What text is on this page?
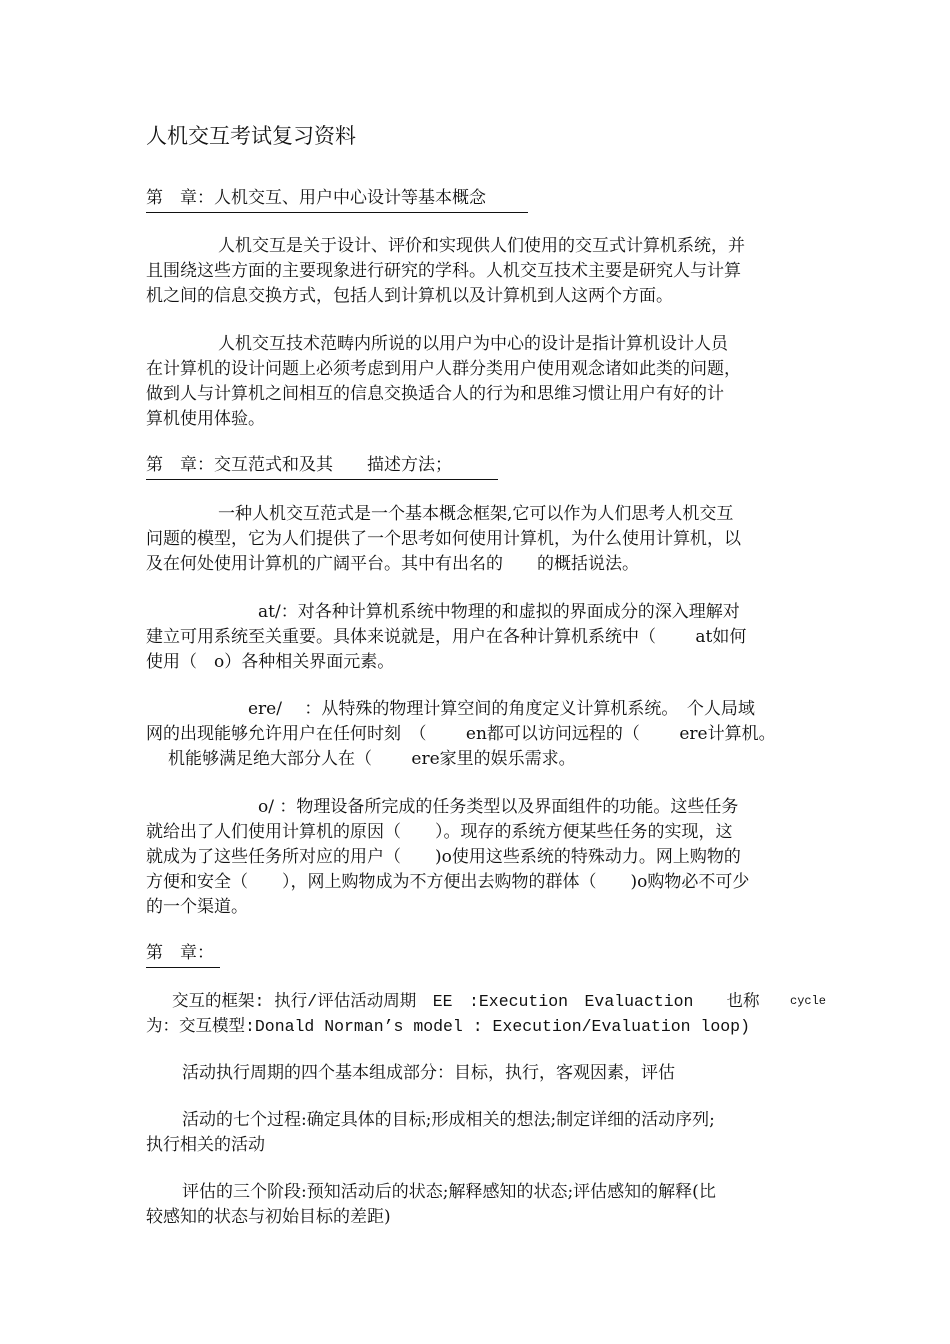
人机交互考试复习资料
第　章：人机交互、用户中心设计等基本概念
人机交互是关于设计、评价和实现供人们使用的交互式计算机系统，并
且围绕这些方面的主要现象进行研究的学科。人机交互技术主要是研究人与计算
机之间的信息交换方式，包括人到计算机以及计算机到人这两个方面。
人机交互技术范畴内所说的以用户为中心的设计是指计算机设计人员
在计算机的设计问题上必须考虑到用户人群分类用户使用观念诸如此类的问题，
做到人与计算机之间相互的信息交换适合人的行为和思维习惯让用户有好的计
算机使用体验。
第　章：交互范式和及其　　描述方法；
一种人机交互范式是一个基本概念框架,它可以作为人们思考人机交互
问题的模型，它为人们提供了一个思考如何使用计算机，为什么使用计算机，以
及在何处使用计算机的广阔平台。其中有出名的　　的概括说法。
at/：对各种计算机系统中物理的和虚拟的界面成分的深入理解对
建立可用系统至关重要。具体来说就是，用户在各种计算机系统中（　　 at如何
使用（　o）各种相关界面元素。
ere/　 ：从特殊的物理计算空间的角度定义计算机系统。　个人局域
网的出现能够允许用户在任何时刻　（　　 en都可以访问远程的（　　 ere计算机。
机能够满足绝大部分人在（　　 ere家里的娱乐需求。
o/ ：物理设备所完成的任务类型以及界面组件的功能。这些任务
就给出了人们使用计算机的原因（　　）。现存的系统方便某些任务的实现，这
就成为了这些任务所对应的用户（　　)o使用这些系统的特殊动力。网上购物的
方便和安全（　　），网上购物成为不方便出去购物的群体（　　)o购物必不可少
的一个渠道。
第　章：
交互的框架: 执行/评估活动周期　EE　:Execution　Evaluaction　　也称	cycle
为：交互模型:Donald Norman’s model : Execution/Evaluation loop)
活动执行周期的四个基本组成部分：目标，执行，客观因素，评估
活动的七个过程:确定具体的目标;形成相关的想法;制定详细的活动序列;
执行相关的活动
评估的三个阶段:预知活动后的状态;解释感知的状态;评估感知的解释(比
较感知的状态与初始目标的差距)
